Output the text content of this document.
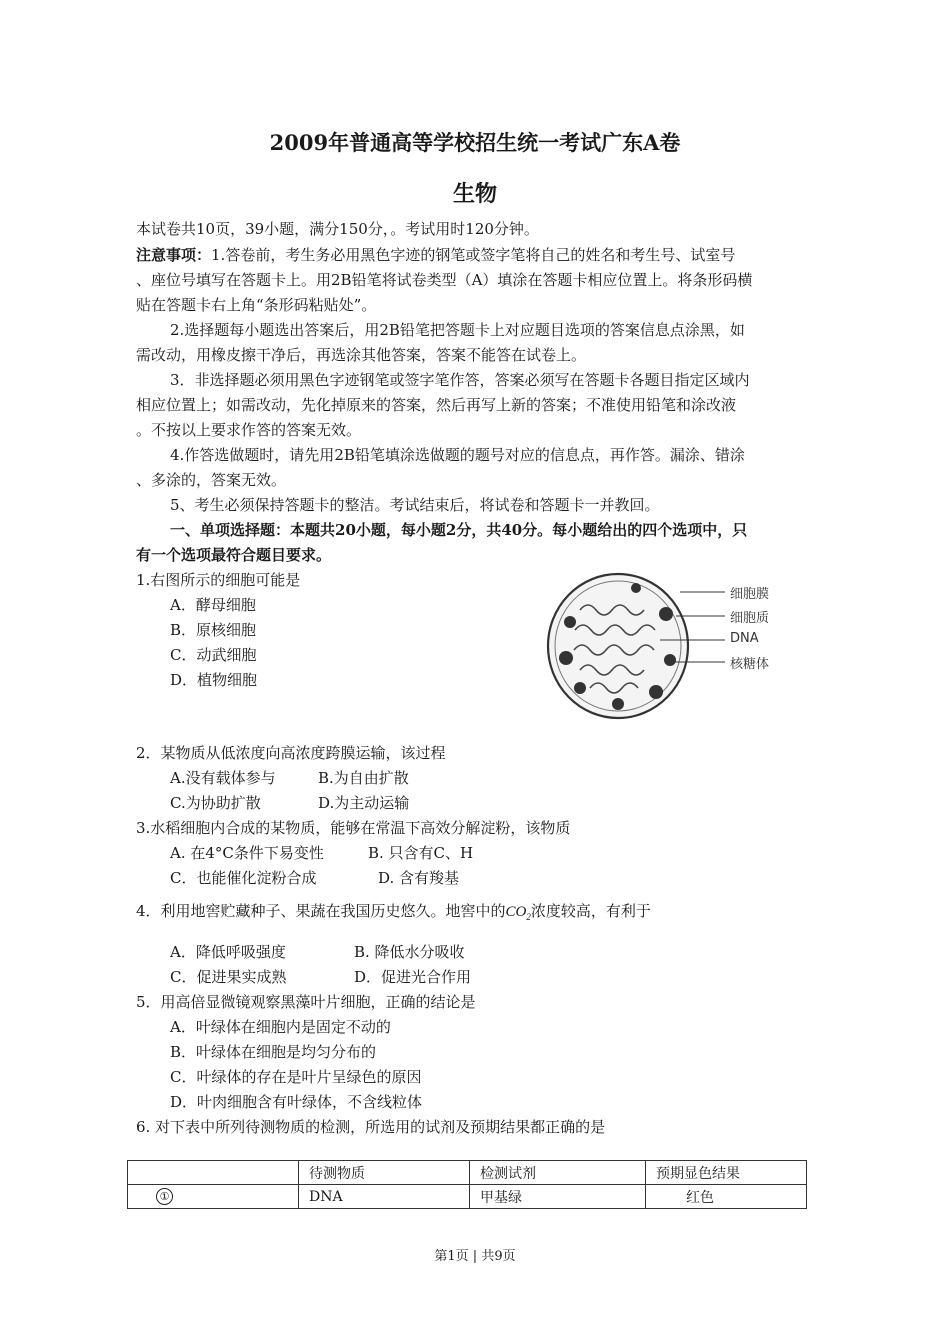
2009年普通高等学校招生统一考试广东A卷
生物
本试卷共10页，39小题，满分150分，。考试用时120分钟。
注意事项：1.答卷前，考生务必用黑色字迹的钢笔或签字笔将自己的姓名和考生号、试室号
、座位号填写在答题卡上。用2B铅笔将试卷类型（A）填涂在答题卡相应位置上。将条形码横
贴在答题卡右上角“条形码粘贴处”。
2.选择题每小题选出答案后，用2B铅笔把答题卡上对应题目选项的答案信息点涂黑，如
需改动，用橡皮擦干净后，再选涂其他答案，答案不能答在试卷上。
3．非选择题必须用黑色字迹钢笔或签字笔作答，答案必须写在答题卡各题目指定区域内
相应位置上；如需改动，先化掉原来的答案，然后再写上新的答案；不准使用铅笔和涂改液
。不按以上要求作答的答案无效。
4.作答选做题时，请先用2B铅笔填涂选做题的题号对应的信息点，再作答。漏涂、错涂
、多涂的，答案无效。
5、考生必须保持答题卡的整洁。考试结束后，将试卷和答题卡一并教回。
一、单项选择题：本题共20小题，每小题2分，共40分。每小题给出的四个选项中，只
有一个选项最符合题目要求。
1.右图所示的细胞可能是
A．酵母细胞
B．原核细胞
C．动武细胞
D．植物细胞
细胞膜
细胞质
DNA
核糖体
2．某物质从低浓度向高浓度跨膜运输，该过程
A.没有载体参与	B.为自由扩散
C.为协助扩散	D.为主动运输
3.水稻细胞内合成的某物质，能够在常温下高效分解淀粉，该物质
A. 在4°C条件下易变性	B. 只含有C、H
C．也能催化淀粉合成	D. 含有羧基
4．利用地窖贮藏种子、果蔬在我国历史悠久。地窖中的$CO_2$浓度较高，有利于
A．降低呼吸强度	B. 降低水分吸收
C．促进果实成熟	D．促进光合作用
5．用高倍显微镜观察黑藻叶片细胞，正确的结论是
A．叶绿体在细胞内是固定不动的
B．叶绿体在细胞是均匀分布的
C．叶绿体的存在是叶片呈绿色的原因
D．叶肉细胞含有叶绿体，不含线粒体
6. 对下表中所列待测物质的检测，所选用的试剂及预期结果都正确的是
	待测物质	检测试剂	预期显色结果
①	DNA	甲基绿	红色
第1页 | 共9页
